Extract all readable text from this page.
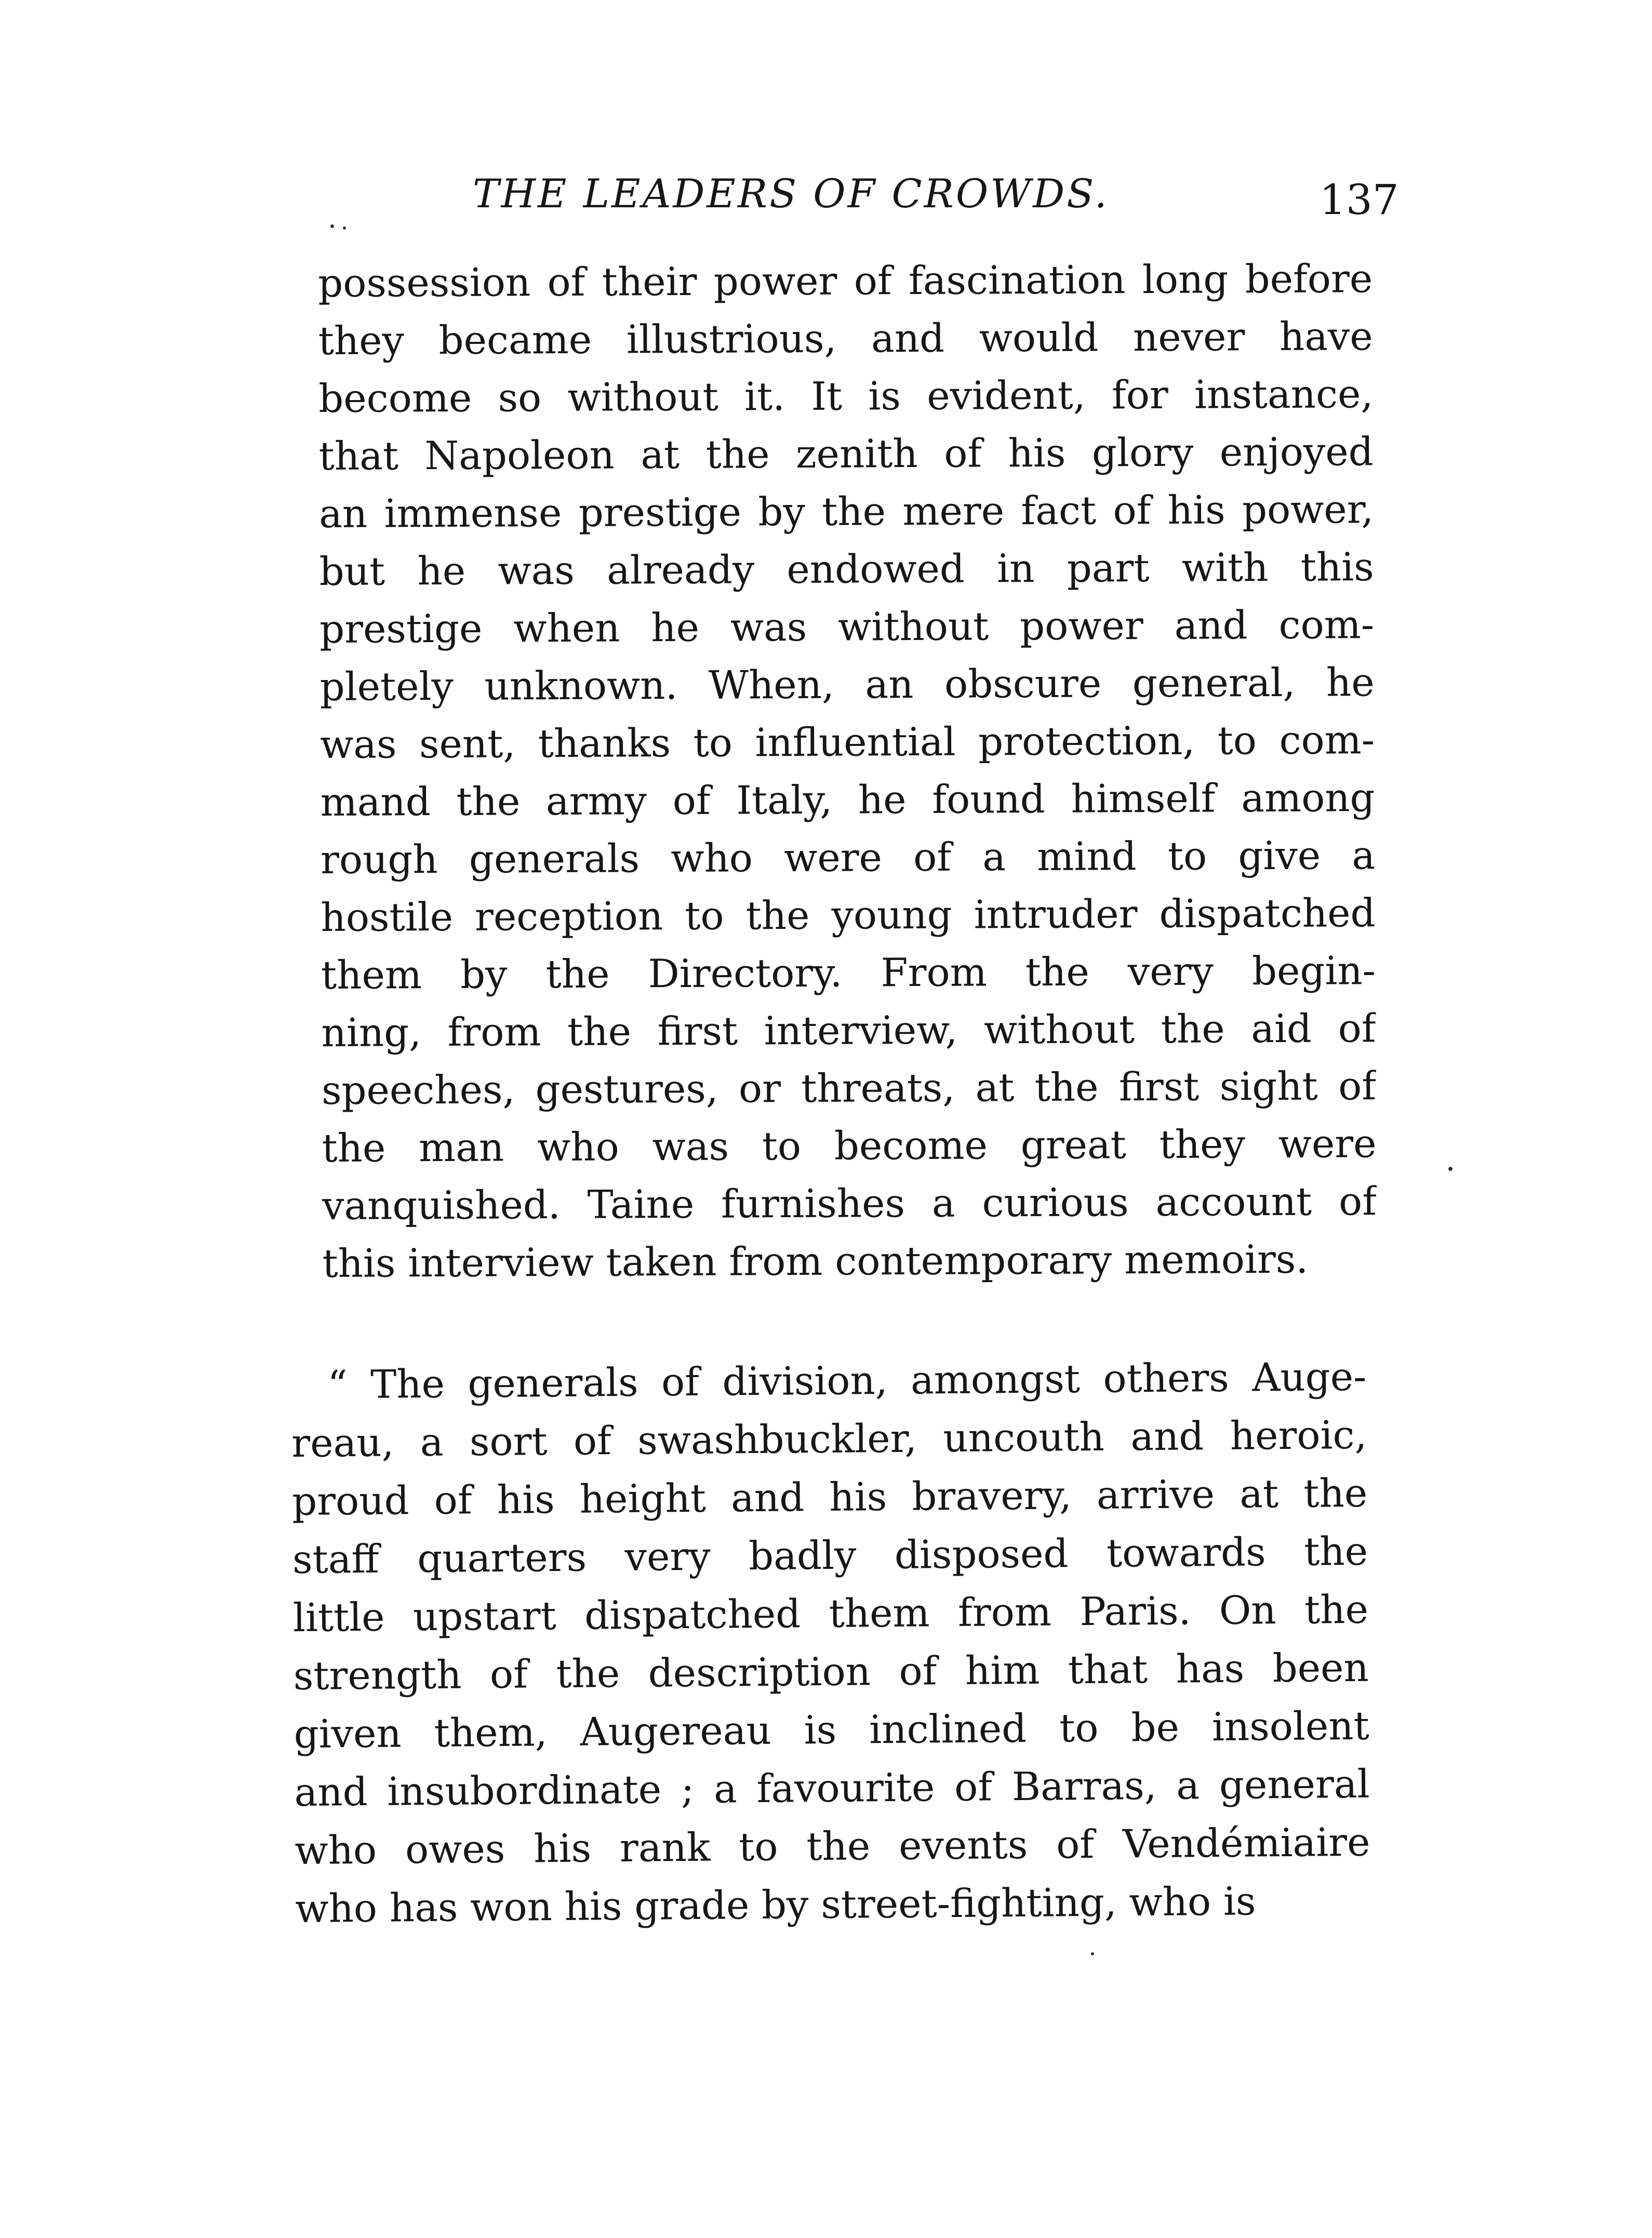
THE LEADERS OF CROWDS.	137
possession of their power of fascination long before
they became illustrious, and would never have
become so without it. It is evident, for instance,
that Napoleon at the zenith of his glory enjoyed
an immense prestige by the mere fact of his power,
but he was already endowed in part with this
prestige when he was without power and com-
pletely unknown. When, an obscure general, he
was sent, thanks to influential protection, to com-
mand the army of Italy, he found himself among
rough generals who were of a mind to give a
hostile reception to the young intruder dispatched
them by the Directory. From the very begin-
ning, from the first interview, without the aid of
speeches, gestures, or threats, at the first sight of
the man who was to become great they were
vanquished. Taine furnishes a curious account of
this interview taken from contemporary memoirs.
“ The generals of division, amongst others Auge-
reau, a sort of swashbuckler, uncouth and heroic,
proud of his height and his bravery, arrive at the
staff quarters very badly disposed towards the
little upstart dispatched them from Paris. On the
strength of the description of him that has been
given them, Augereau is inclined to be insolent
and insubordinate ; a favourite of Barras, a general
who owes his rank to the events of Vendémiaire
who has won his grade by street-fighting, who is
